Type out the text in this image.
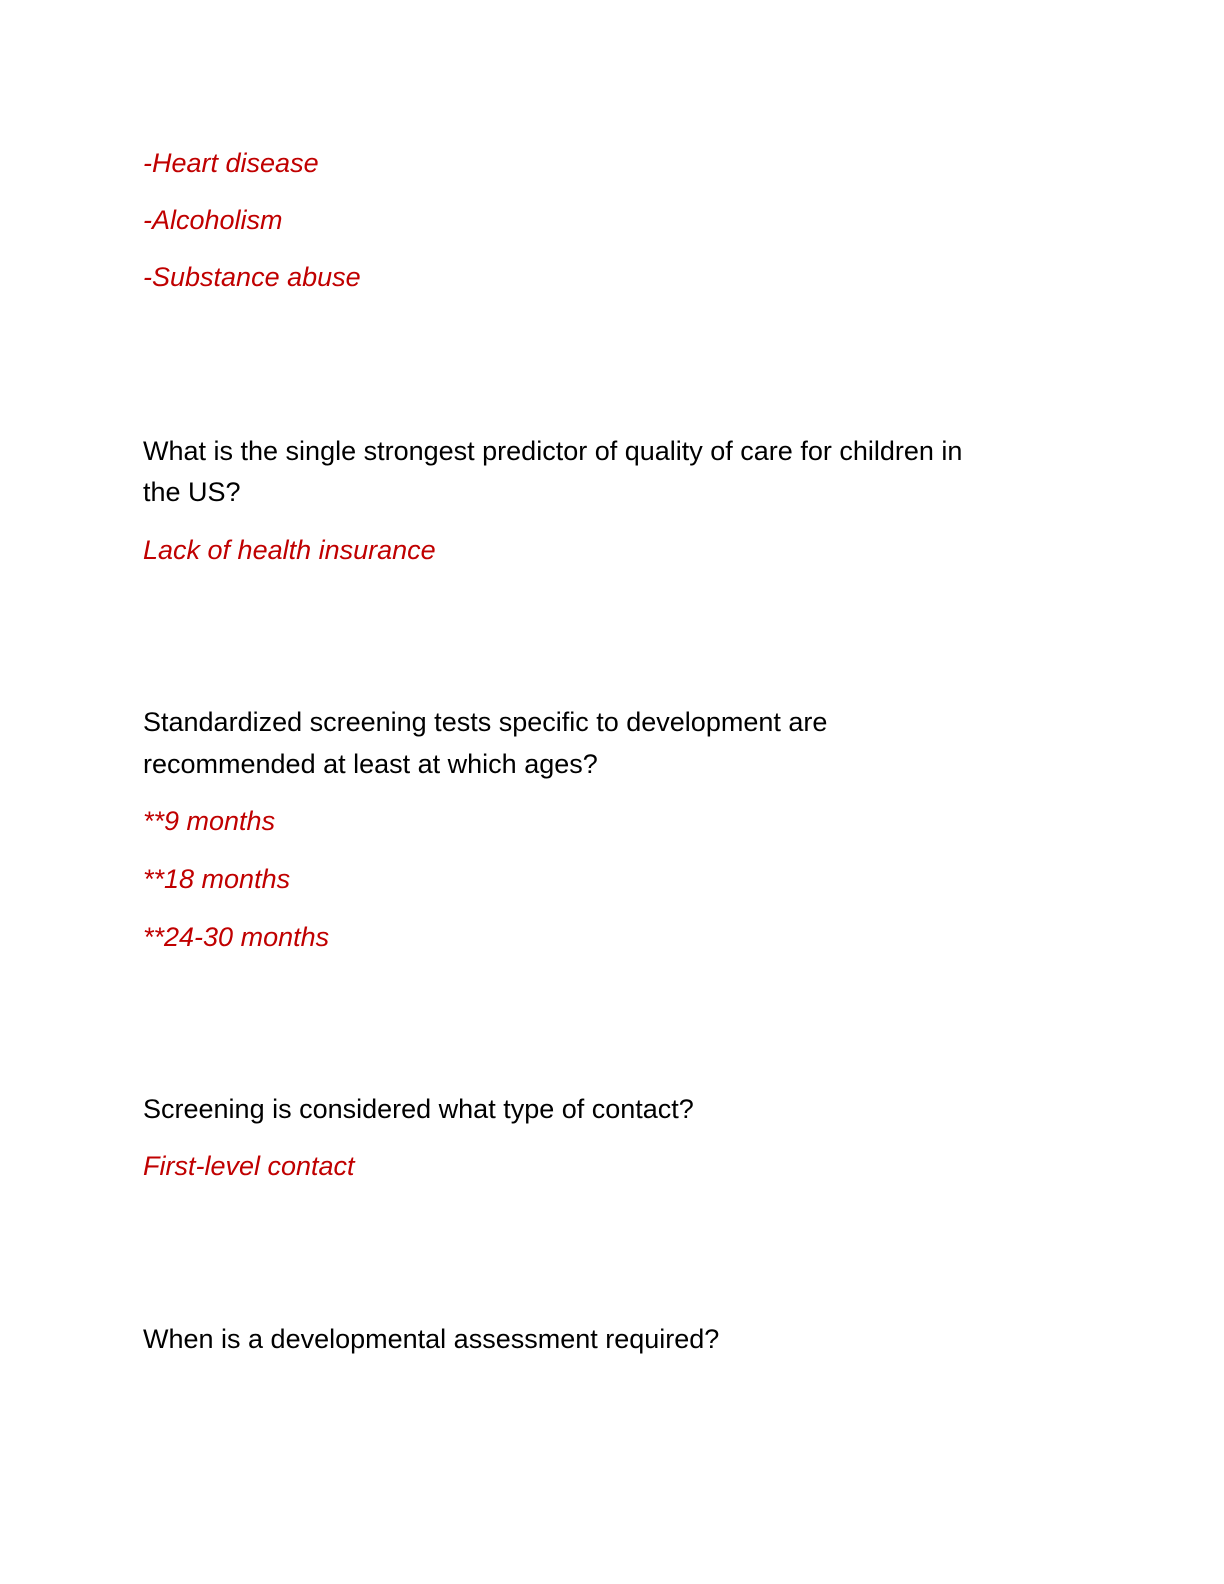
-Heart disease

-Alcoholism

-Substance abuse

What is the single strongest predictor of quality of care for children in

the US?

Lack of health insurance

Standardized screening tests specific to development are

recommended at least at which ages?

**9 months

**18 months

**24-30 months

Screening is considered what type of contact?

First-level contact

When is a developmental assessment required?
